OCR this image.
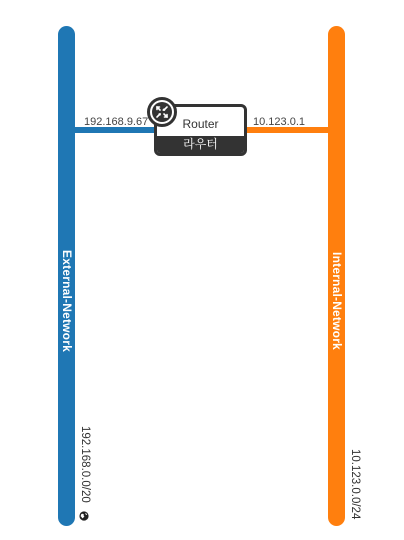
External-Network
192.168.0.0/20
Internal-Network
10.123.0.0/24
192.168.9.67	10.123.0.1
Router
라우터
